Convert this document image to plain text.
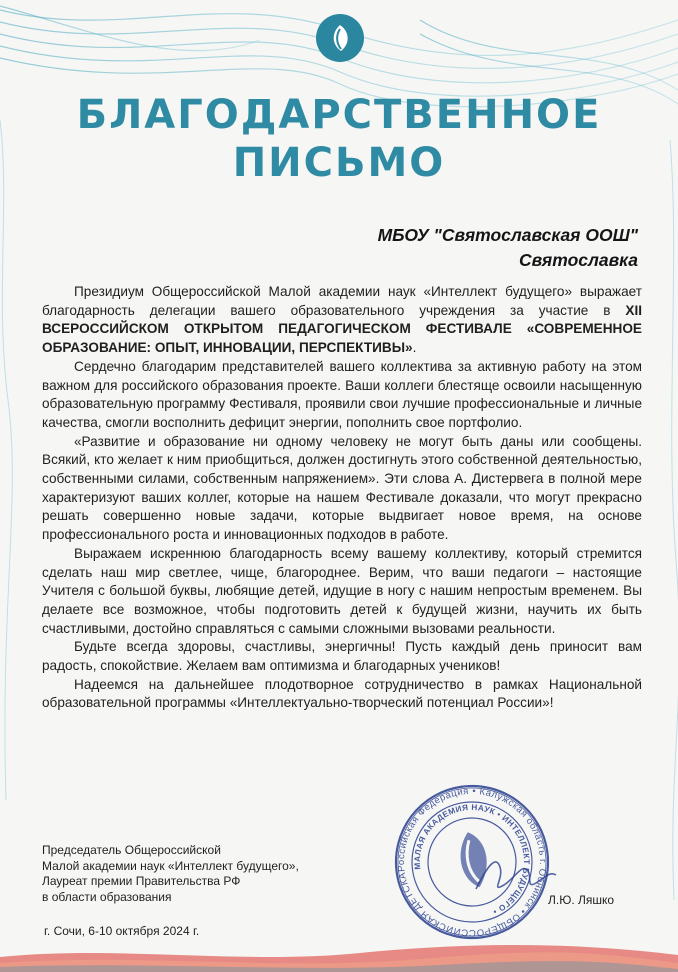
БЛАГОДАРСТВЕННОЕ
ПИСЬМО
МБОУ "Святославская ООШ"
Святославка

Президиум Общероссийской Малой академии наук «Интеллект будущего» выражает благодарность делегации вашего образовательного учреждения за участие в XII ВСЕРОССИЙСКОМ ОТКРЫТОМ ПЕДАГОГИЧЕСКОМ ФЕСТИВАЛЕ «СОВРЕМЕННОЕ ОБРАЗОВАНИЕ: ОПЫТ, ИННОВАЦИИ, ПЕРСПЕКТИВЫ».

Сердечно благодарим представителей вашего коллектива за активную работу на этом важном для российского образования проекте. Ваши коллеги блестяще освоили насыщенную образовательную программу Фестиваля, проявили свои лучшие профессиональные и личные качества, смогли восполнить дефицит энергии, пополнить свое портфолио.

«Развитие и образование ни одному человеку не могут быть даны или сообщены. Всякий, кто желает к ним приобщиться, должен достигнуть этого собственной деятельностью, собственными силами, собственным напряжением». Эти слова А. Дистервега в полной мере характеризуют ваших коллег, которые на нашем Фестивале доказали, что могут прекрасно решать совершенно новые задачи, которые выдвигает новое время, на основе профессионального роста и инновационных подходов в работе.

Выражаем искреннюю благодарность всему вашему коллективу, который стремится сделать наш мир светлее, чище, благороднее. Верим, что ваши педагоги – настоящие Учителя с большой буквы, любящие детей, идущие в ногу с нашим непростым временем. Вы делаете все возможное, чтобы подготовить детей к будущей жизни, научить их быть счастливыми, достойно справляться с самыми сложными вызовами реальности.

Будьте всегда здоровы, счастливы, энергичны! Пусть каждый день приносит вам радость, спокойствие. Желаем вам оптимизма и благодарных учеников!

Надеемся на дальнейшее плодотворное сотрудничество в рамках Национальной образовательной программы «Интеллектуально-творческий потенциал России»!

Российская Федерация • Калужская область г. Обнинск • ОБЩЕРОССИЙСКАЯ ДЕТСКАЯ
МАЛАЯ АКАДЕМИЯ НАУК • ИНТЕЛЛЕКТ БУДУЩЕГО •
Председатель Общероссийской
Малой академии наук «Интеллект будущего»,
Лауреат премии Правительства РФ
в области образования	Л.Ю. Ляшко
г. Сочи, 6-10 октября 2024 г.
